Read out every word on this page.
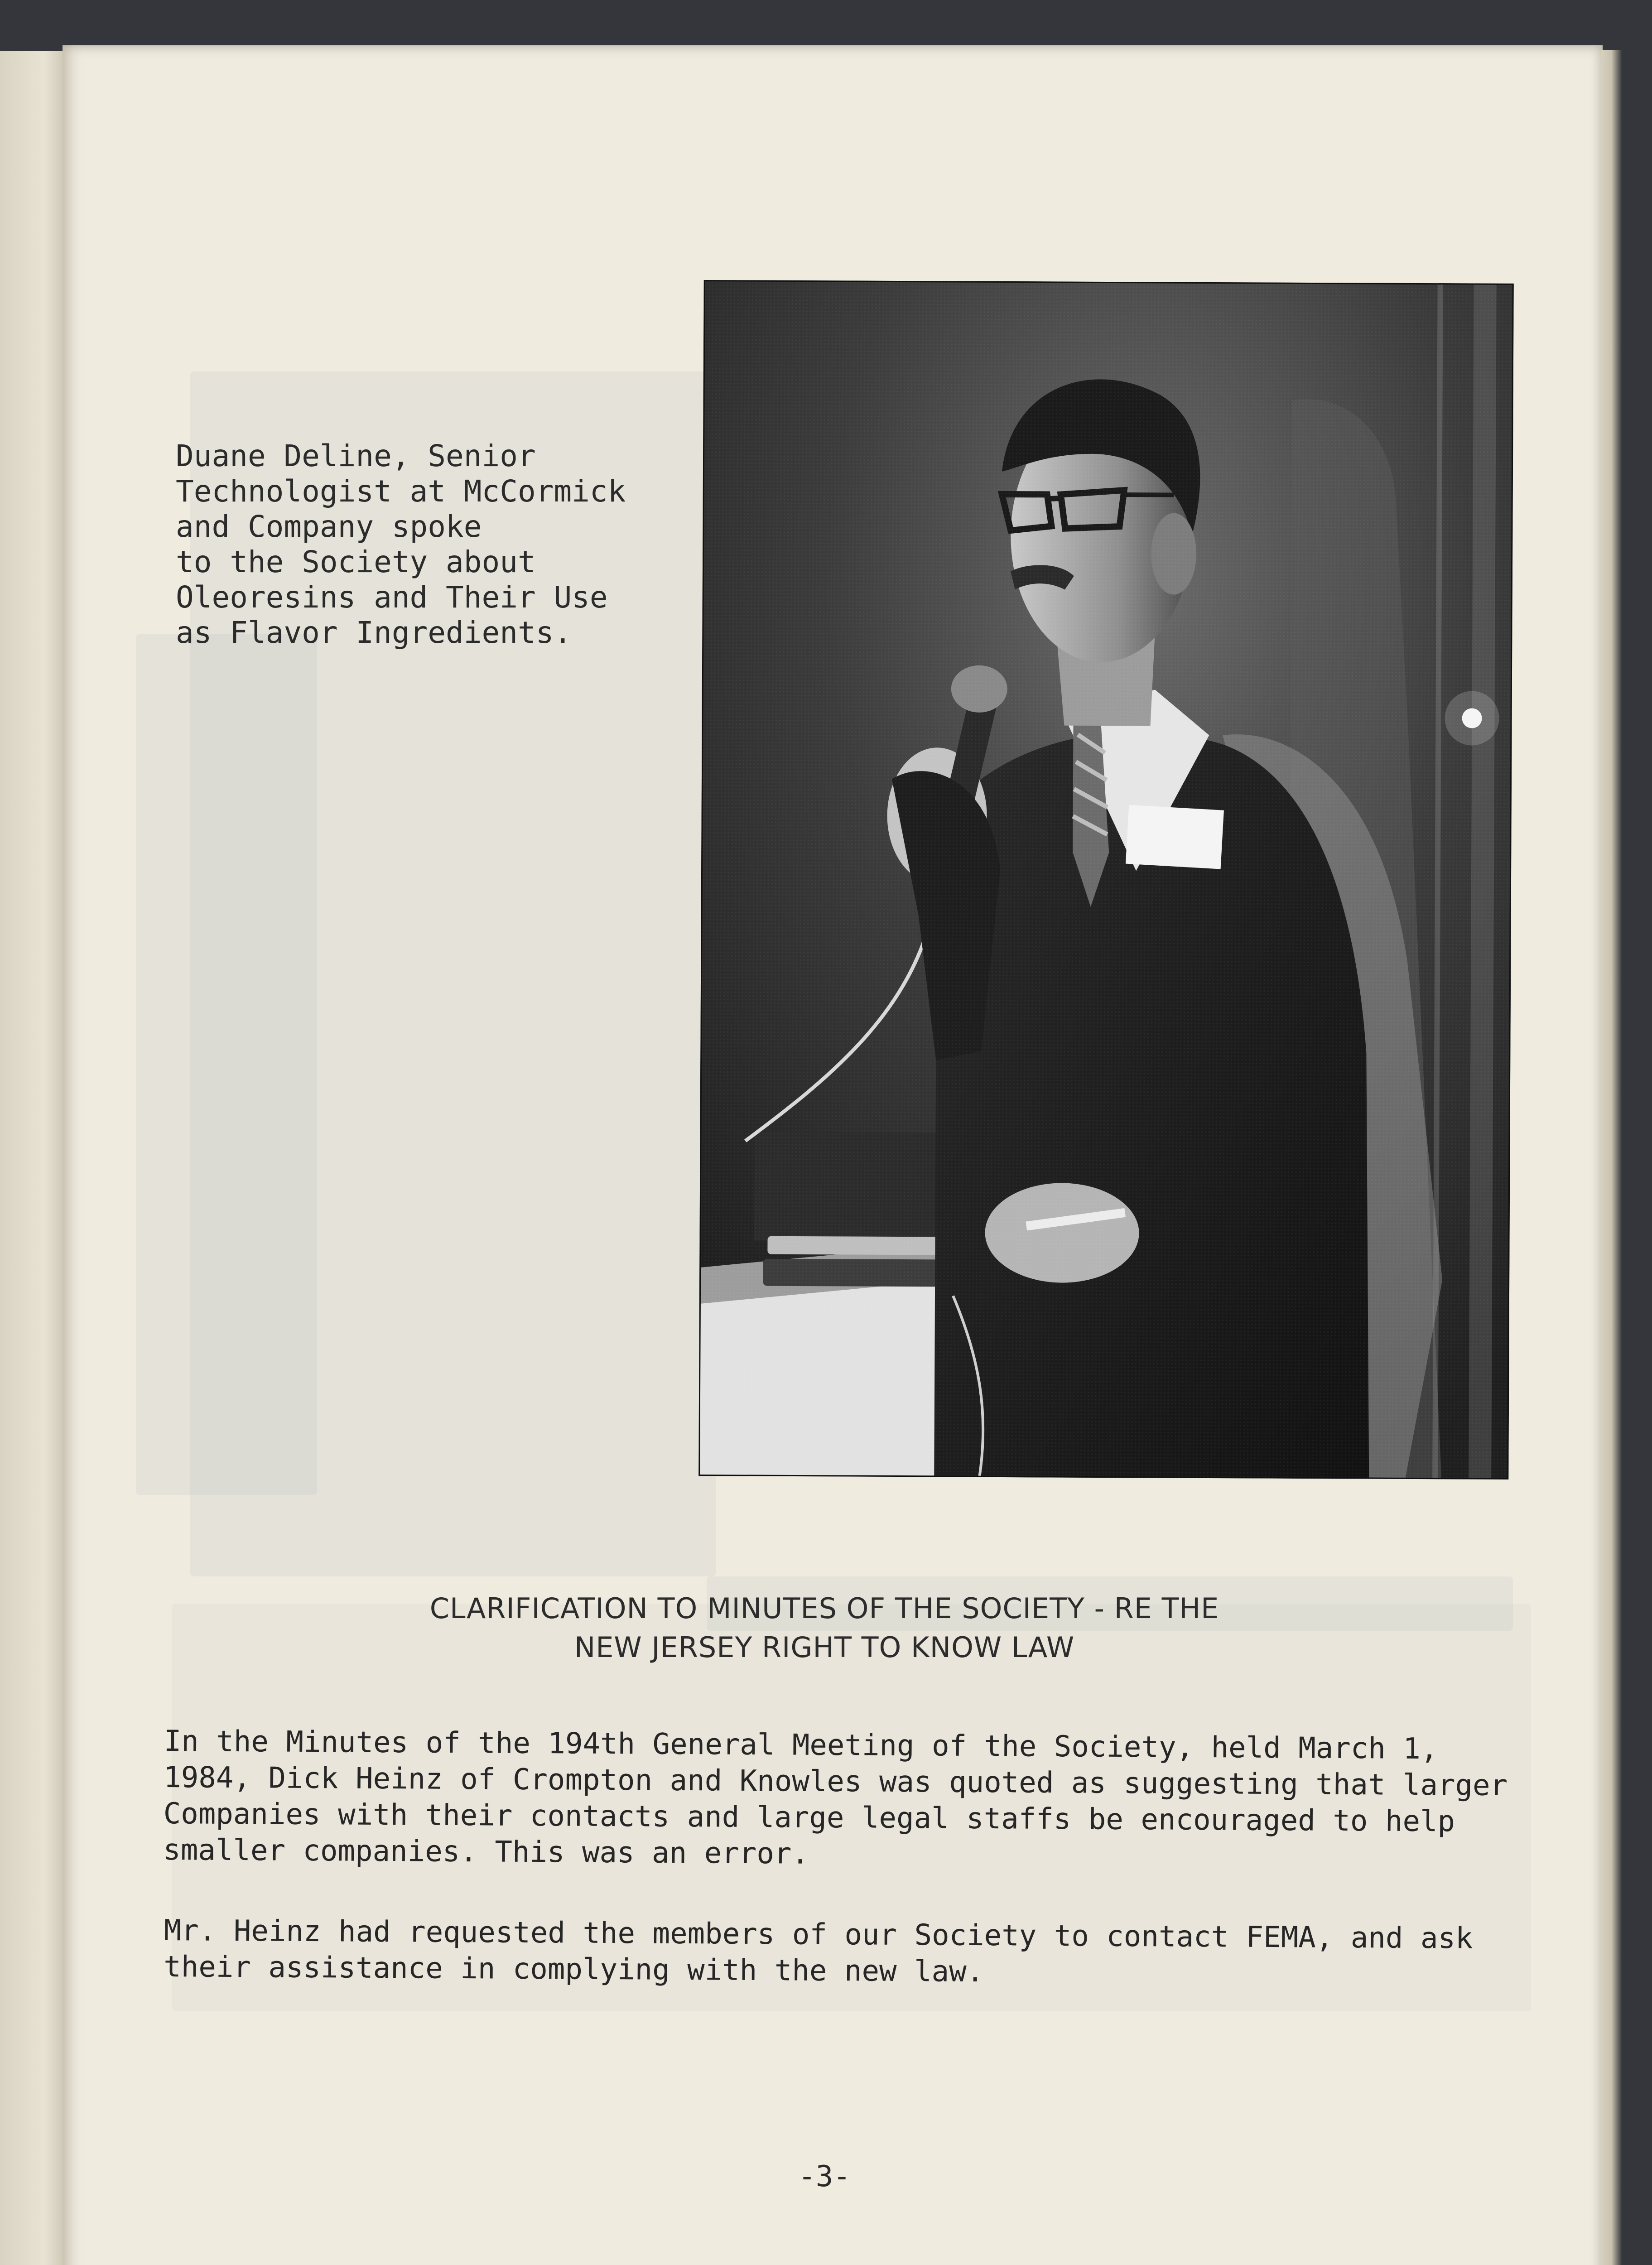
Duane Deline, Senior
Technologist at McCormick
and Company spoke
to the Society about
Oleoresins and Their Use
as Flavor Ingredients.

CLARIFICATION TO MINUTES OF THE SOCIETY - RE THE
NEW JERSEY RIGHT TO KNOW LAW

In the Minutes of the 194th General Meeting of the Society, held March 1,
1984, Dick Heinz of Crompton and Knowles was quoted as suggesting that larger
Companies with their contacts and large legal staffs be encouraged to help
smaller companies. This was an error.

Mr. Heinz had requested the members of our Society to contact FEMA, and ask
their assistance in complying with the new law.

-3-
